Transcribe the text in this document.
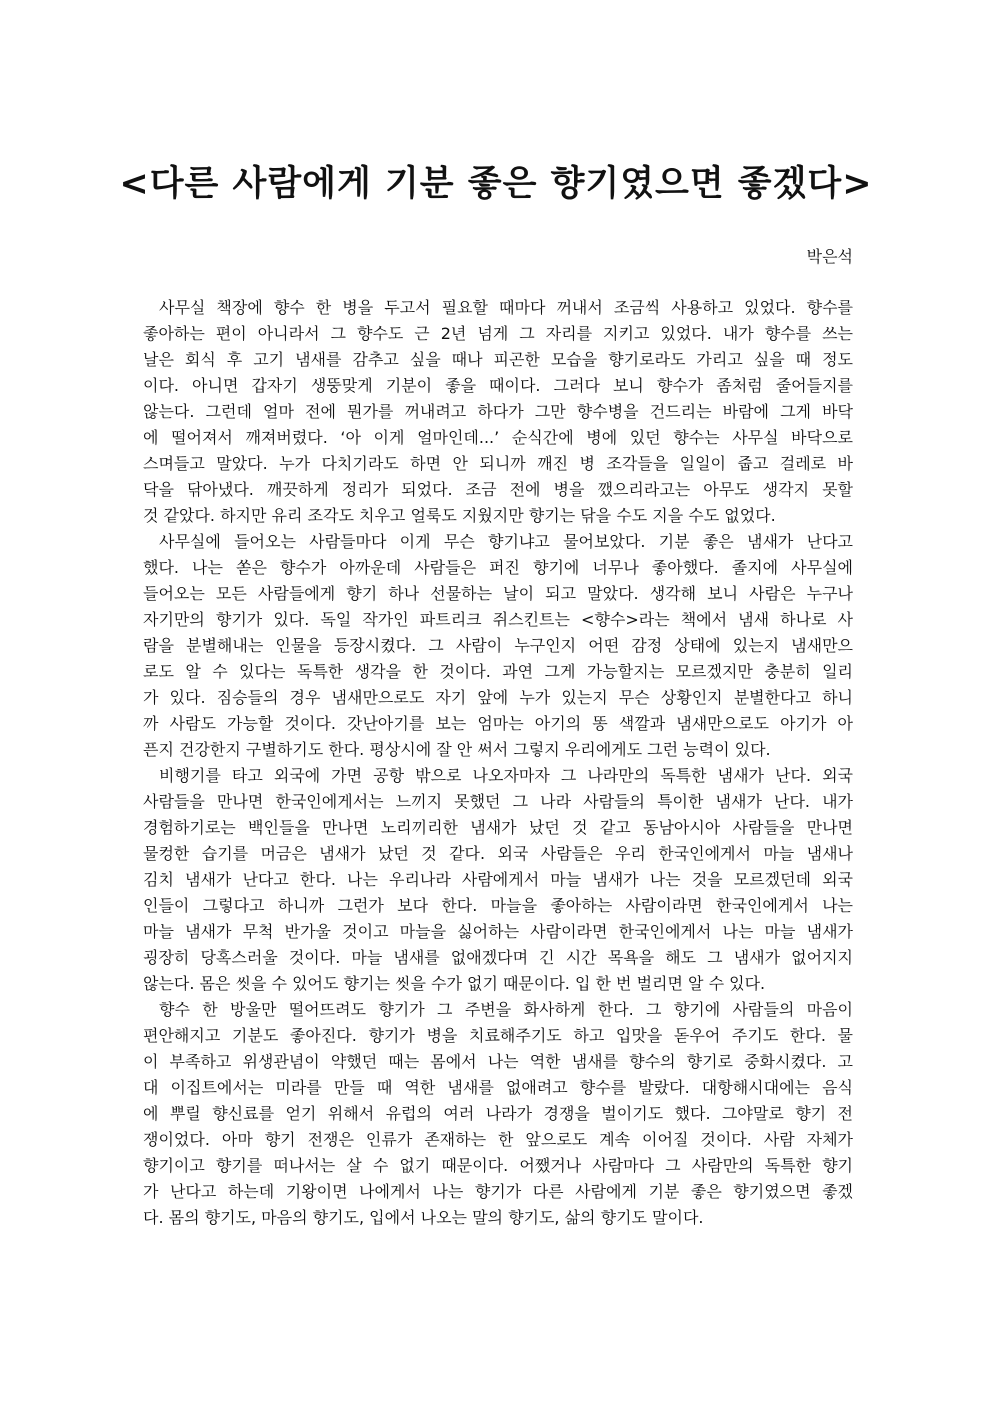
<다른 사람에게 기분 좋은 향기였으면 좋겠다>
박은석
사무실 책장에 향수 한 병을 두고서 필요할 때마다 꺼내서 조금씩 사용하고 있었다. 향수를
좋아하는 편이 아니라서 그 향수도 근 2년 넘게 그 자리를 지키고 있었다. 내가 향수를 쓰는
날은 회식 후 고기 냄새를 감추고 싶을 때나 피곤한 모습을 향기로라도 가리고 싶을 때 정도
이다. 아니면 갑자기 생뚱맞게 기분이 좋을 때이다. 그러다 보니 향수가 좀처럼 줄어들지를
않는다. 그런데 얼마 전에 뭔가를 꺼내려고 하다가 그만 향수병을 건드리는 바람에 그게 바닥
에 떨어져서 깨져버렸다. ‘아 이게 얼마인데...’ 순식간에 병에 있던 향수는 사무실 바닥으로
스며들고 말았다. 누가 다치기라도 하면 안 되니까 깨진 병 조각들을 일일이 줍고 걸레로 바
닥을 닦아냈다. 깨끗하게 정리가 되었다. 조금 전에 병을 깼으리라고는 아무도 생각지 못할
것 같았다. 하지만 유리 조각도 치우고 얼룩도 지웠지만 향기는 닦을 수도 지을 수도 없었다.
사무실에 들어오는 사람들마다 이게 무슨 향기냐고 물어보았다. 기분 좋은 냄새가 난다고
했다. 나는 쏟은 향수가 아까운데 사람들은 퍼진 향기에 너무나 좋아했다. 졸지에 사무실에
들어오는 모든 사람들에게 향기 하나 선물하는 날이 되고 말았다. 생각해 보니 사람은 누구나
자기만의 향기가 있다. 독일 작가인 파트리크 쥐스킨트는 <향수>라는 책에서 냄새 하나로 사
람을 분별해내는 인물을 등장시켰다. 그 사람이 누구인지 어떤 감정 상태에 있는지 냄새만으
로도 알 수 있다는 독특한 생각을 한 것이다. 과연 그게 가능할지는 모르겠지만 충분히 일리
가 있다. 짐승들의 경우 냄새만으로도 자기 앞에 누가 있는지 무슨 상황인지 분별한다고 하니
까 사람도 가능할 것이다. 갓난아기를 보는 엄마는 아기의 똥 색깔과 냄새만으로도 아기가 아
픈지 건강한지 구별하기도 한다. 평상시에 잘 안 써서 그렇지 우리에게도 그런 능력이 있다.
비행기를 타고 외국에 가면 공항 밖으로 나오자마자 그 나라만의 독특한 냄새가 난다. 외국
사람들을 만나면 한국인에게서는 느끼지 못했던 그 나라 사람들의 특이한 냄새가 난다. 내가
경험하기로는 백인들을 만나면 노리끼리한 냄새가 났던 것 같고 동남아시아 사람들을 만나면
물컹한 습기를 머금은 냄새가 났던 것 같다. 외국 사람들은 우리 한국인에게서 마늘 냄새나
김치 냄새가 난다고 한다. 나는 우리나라 사람에게서 마늘 냄새가 나는 것을 모르겠던데 외국
인들이 그렇다고 하니까 그런가 보다 한다. 마늘을 좋아하는 사람이라면 한국인에게서 나는
마늘 냄새가 무척 반가울 것이고 마늘을 싫어하는 사람이라면 한국인에게서 나는 마늘 냄새가
굉장히 당혹스러울 것이다. 마늘 냄새를 없애겠다며 긴 시간 목욕을 해도 그 냄새가 없어지지
않는다. 몸은 씻을 수 있어도 향기는 씻을 수가 없기 때문이다. 입 한 번 벌리면 알 수 있다.
향수 한 방울만 떨어뜨려도 향기가 그 주변을 화사하게 한다. 그 향기에 사람들의 마음이
편안해지고 기분도 좋아진다. 향기가 병을 치료해주기도 하고 입맛을 돋우어 주기도 한다. 물
이 부족하고 위생관념이 약했던 때는 몸에서 나는 역한 냄새를 향수의 향기로 중화시켰다. 고
대 이집트에서는 미라를 만들 때 역한 냄새를 없애려고 향수를 발랐다. 대항해시대에는 음식
에 뿌릴 향신료를 얻기 위해서 유럽의 여러 나라가 경쟁을 벌이기도 했다. 그야말로 향기 전
쟁이었다. 아마 향기 전쟁은 인류가 존재하는 한 앞으로도 계속 이어질 것이다. 사람 자체가
향기이고 향기를 떠나서는 살 수 없기 때문이다. 어쨌거나 사람마다 그 사람만의 독특한 향기
가 난다고 하는데 기왕이면 나에게서 나는 향기가 다른 사람에게 기분 좋은 향기였으면 좋겠
다. 몸의 향기도, 마음의 향기도, 입에서 나오는 말의 향기도, 삶의 향기도 말이다.
